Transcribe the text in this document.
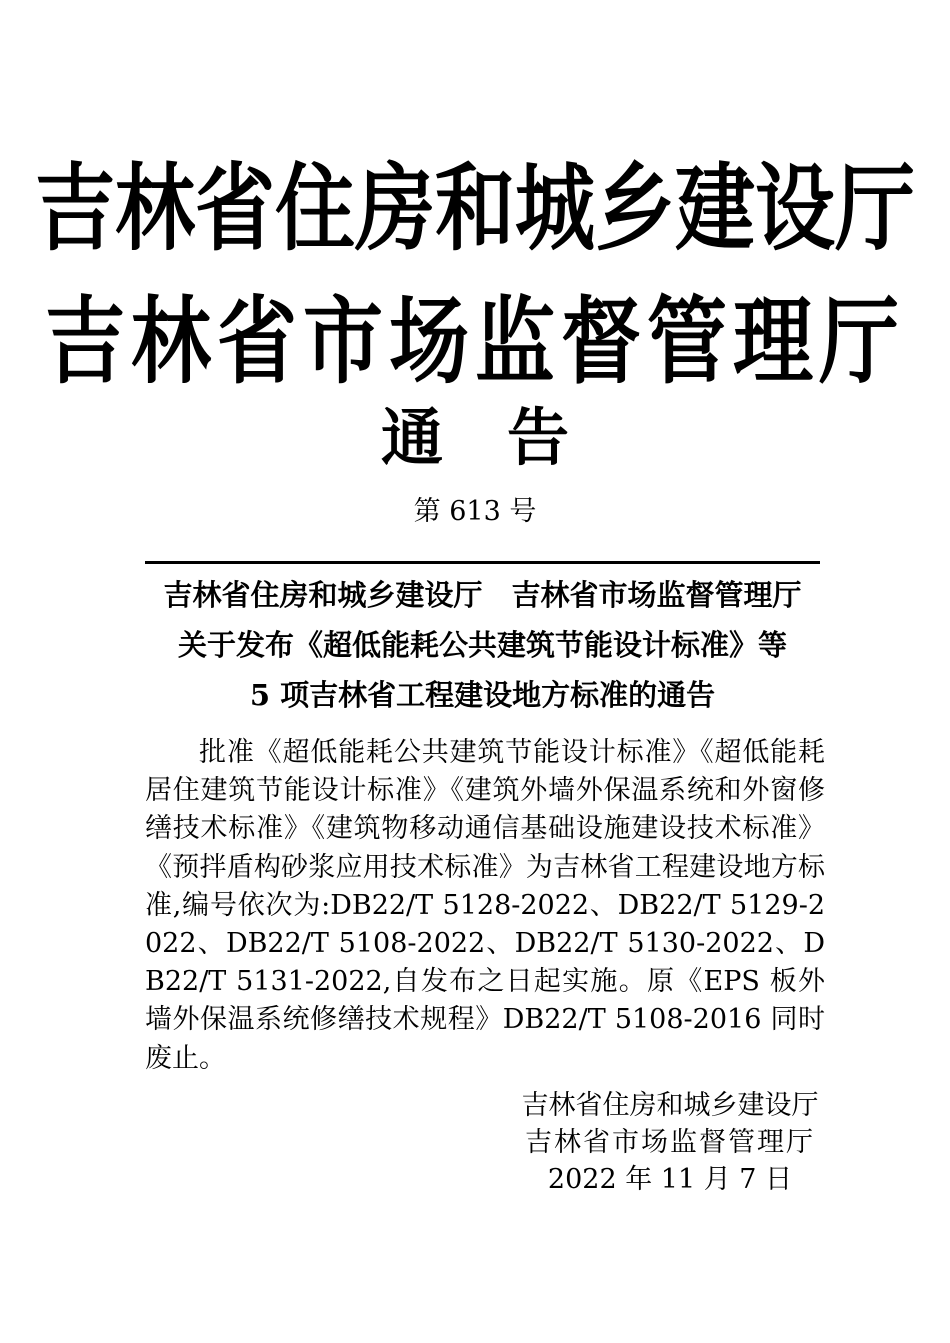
吉林省住房和城乡建设厅
吉林省市场监督管理厅
通告
第 613 号
吉林省住房和城乡建设厅　吉林省市场监督管理厅
关于发布《超低能耗公共建筑节能设计标准》等
5 项吉林省工程建设地方标准的通告

批准《超低能耗公共建筑节能设计标准》《超低能耗居住建筑节能设计标准》《建筑外墙外保温系统和外窗修缮技术标准》《建筑物移动通信基础设施建设技术标准》《预拌盾构砂浆应用技术标准》为吉林省工程建设地方标准,编号依次为:DB22/T 5128-2022、DB22/T 5129-2022、DB22/T 5108-2022、DB22/T 5130-2022、DB22/T 5131-2022,自发布之日起实施。原《EPS 板外墙外保温系统修缮技术规程》DB22/T 5108-2016 同时废止。

吉林省住房和城乡建设厅
吉林省市场监督管理厅
2022 年 11 月 7 日
